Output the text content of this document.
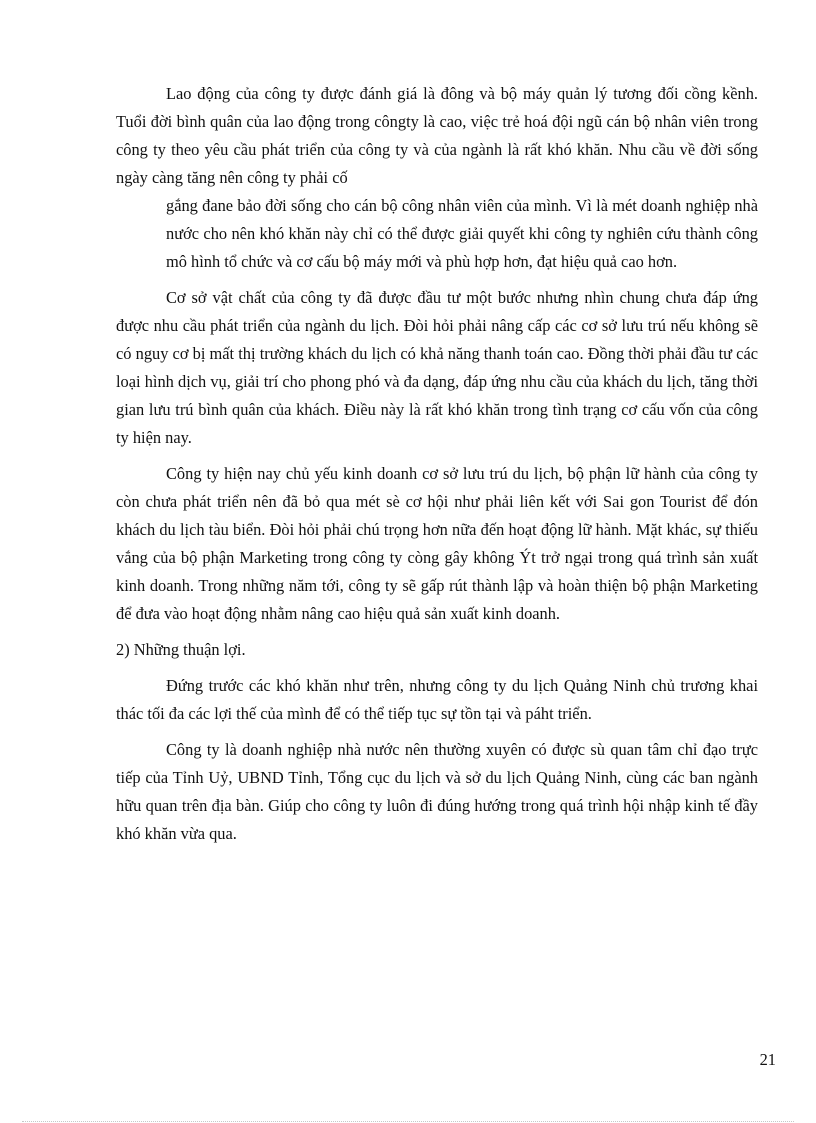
Lao động của công ty được đánh giá là đông và bộ máy quản lý tương đối cồng kềnh. Tuổi đời bình quân của lao động trong côngty là cao, việc trẻ hoá đội ngũ cán bộ nhân viên trong công ty theo yêu cầu phát triển của công ty và của ngành là rất khó khăn. Nhu cầu về đời sống ngày càng tăng nên công ty phải cố

gắng đane bảo đời sống cho cán bộ công nhân viên của mình. Vì là mét doanh nghiệp nhà nước cho nên khó khăn này chỉ có thể được giải quyết khi công ty nghiên cứu thành công mô hình tổ chức và cơ cấu bộ máy mới và phù hợp hơn, đạt hiệu quả cao hơn.

Cơ sở vật chất của công ty đã được đầu tư một bước nhưng nhìn chung chưa đáp ứng được nhu cầu phát triển của ngành du lịch. Đòi hỏi phải nâng cấp các cơ sở lưu trú nếu không sẽ có nguy cơ bị mất thị trường khách du lịch có khả năng thanh toán cao. Đồng thời phải đầu tư các loại hình dịch vụ, giải trí cho phong phó và đa dạng, đáp ứng nhu cầu của khách du lịch, tăng thời gian lưu trú bình quân của khách. Điều này là rất khó khăn trong tình trạng cơ cấu vốn của công ty hiện nay.

Công ty hiện nay chủ yếu kinh doanh cơ sở lưu trú du lịch, bộ phận lữ hành của công ty còn chưa phát triển nên đã bỏ qua mét sè cơ hội như phải liên kết với Sai gon Tourist để đón khách du lịch tàu biển. Đòi hỏi phải chú trọng hơn nữa đến hoạt động lữ hành. Mặt khác, sự thiếu vắng của bộ phận Marketing trong công ty còng gây không Ýt trở ngại trong quá trình sản xuất kinh doanh. Trong những năm tới, công ty sẽ gấp rút thành lập và hoàn thiện bộ phận Marketing để đưa vào hoạt động nhằm nâng cao hiệu quả sản xuất kinh doanh.

2) Những thuận lợi.

Đứng trước các khó khăn như trên, nhưng công ty du lịch Quảng Ninh chủ trương khai thác tối đa các lợi thế của mình để có thể tiếp tục sự tồn tại và páht triển.

Công ty là doanh nghiệp nhà nước nên thường xuyên có được sù quan tâm chỉ đạo trực tiếp của Tỉnh Uỷ, UBND Tỉnh, Tổng cục du lịch và sở du lịch Quảng Ninh, cùng các ban ngành hữu quan trên địa bàn. Giúp cho công ty luôn đi đúng hướng trong quá trình hội nhập kinh tế đầy khó khăn vừa qua.

21
